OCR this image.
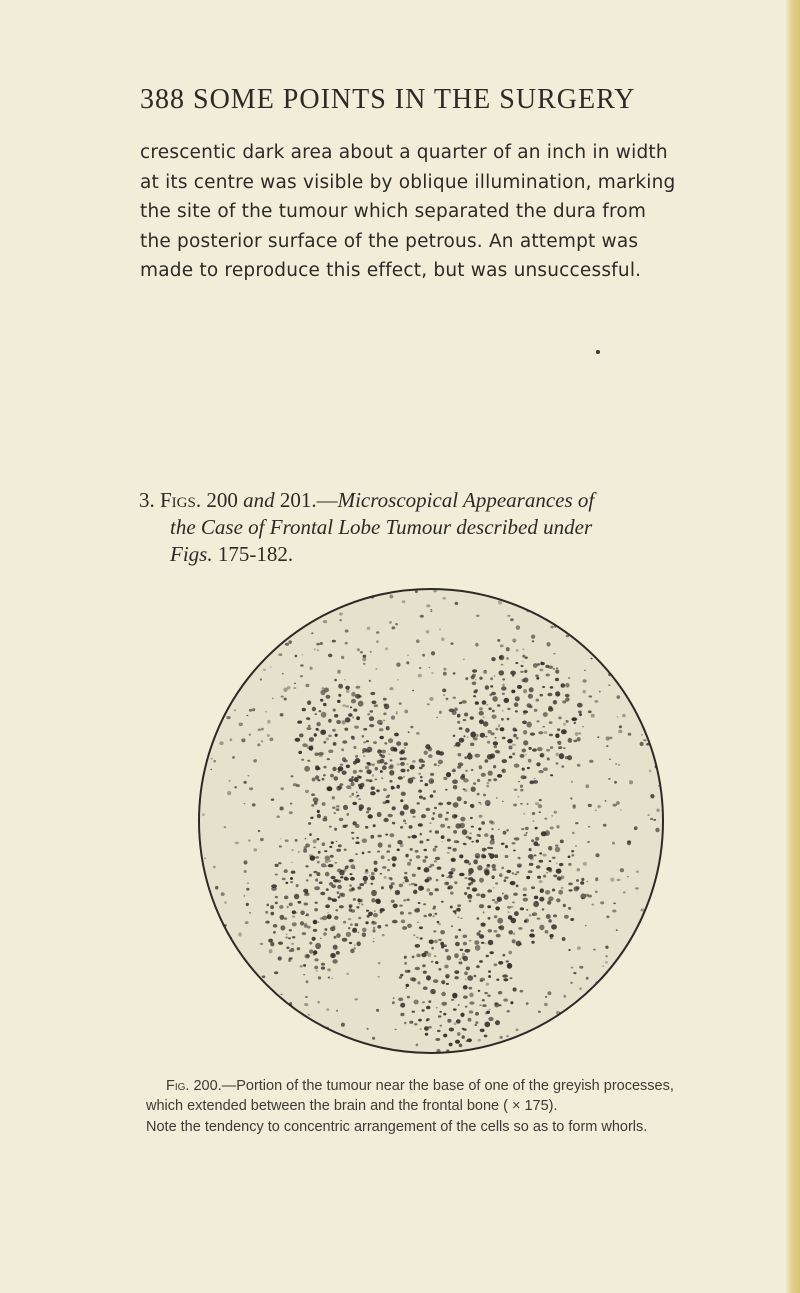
388 SOME POINTS IN THE SURGERY
crescentic dark area about a quarter of an inch in width
at its centre was visible by oblique illumination, marking
the site of the tumour which separated the dura from
the posterior surface of the petrous. An attempt was
made to reproduce this effect, but was unsuccessful.
3. Figs. 200 and 201.—Microscopical Appearances of
the Case of Frontal Lobe Tumour described under
Figs. 175-182.
Fig. 200.—Portion of the tumour near the base of one of the greyish processes,
which extended between the brain and the frontal bone ( × 175).
Note the tendency to concentric arrangement of the cells so as to form whorls.
